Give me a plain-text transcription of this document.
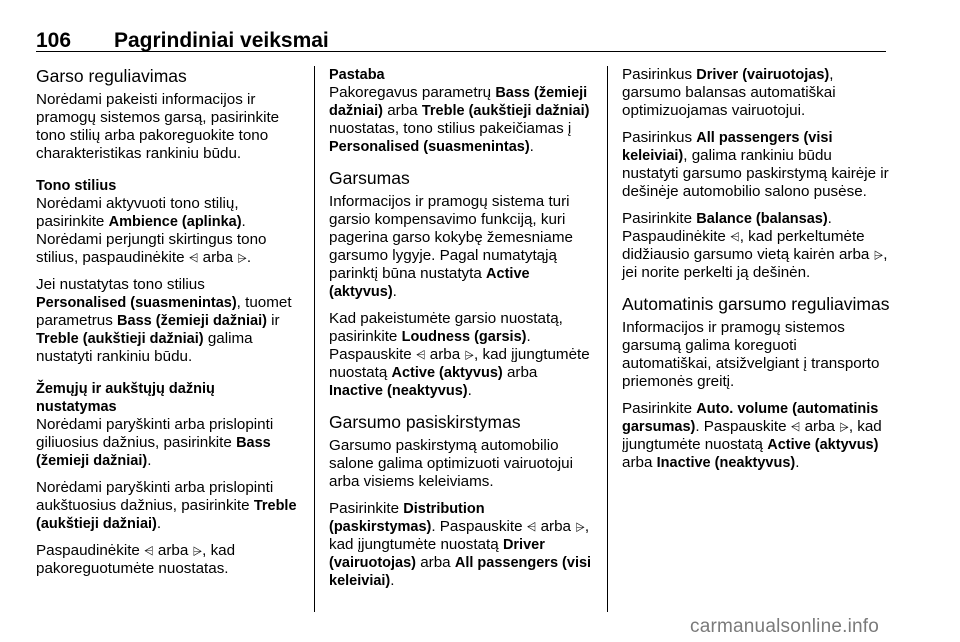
106 Pagrindiniai veiksmai
Garso reguliavimas

Norėdami pakeisti informacijos ir pramogų sistemos garsą, pasirinkite tono stilių arba pakoreguokite tono charakteristikas rankiniu būdu.

Tono stilius
Norėdami aktyvuoti tono stilių, pasirinkite Ambience (aplinka). Norėdami perjungti skirtingus tono stilius, paspaudinėkite ⩤ arba ⩥.

Jei nustatytas tono stilius Personalised (suasmenintas), tuomet parametrus Bass (žemieji dažniai) ir Treble (aukštieji dažniai) galima nustatyti rankiniu būdu.

Žemųjų ir aukštųjų dažnių nustatymas
Norėdami paryškinti arba prislopinti giliuosius dažnius, pasirinkite Bass (žemieji dažniai).

Norėdami paryškinti arba prislopinti aukštuosius dažnius, pasirinkite Treble (aukštieji dažniai).

Paspaudinėkite ⩤ arba ⩥, kad pakoreguotumėte nuostatas.

Pastaba
Pakoregavus parametrų Bass (žemieji dažniai) arba Treble (aukštieji dažniai) nuostatas, tono stilius pakeičiamas į Personalised (suasmenintas).

Garsumas

Informacijos ir pramogų sistema turi garsio kompensavimo funkciją, kuri pagerina garso kokybę žemesniame garsumo lygyje. Pagal numatytąją parinktį būna nustatyta Active (aktyvus).

Kad pakeistumėte garsio nuostatą, pasirinkite Loudness (garsis). Paspauskite ⩤ arba ⩥, kad įjungtumėte nuostatą Active (aktyvus) arba Inactive (neaktyvus).

Garsumo pasiskirstymas

Garsumo paskirstymą automobilio salone galima optimizuoti vairuotojui arba visiems keleiviams.

Pasirinkite Distribution (paskirstymas). Paspauskite ⩤ arba ⩥, kad įjungtumėte nuostatą Driver (vairuotojas) arba All passengers (visi keleiviai).

Pasirinkus Driver (vairuotojas), garsumo balansas automatiškai optimizuojamas vairuotojui.

Pasirinkus All passengers (visi keleiviai), galima rankiniu būdu nustatyti garsumo paskirstymą kairėje ir dešinėje automobilio salono pusėse.

Pasirinkite Balance (balansas).
Paspaudinėkite ⩤, kad perkeltumėte didžiausio garsumo vietą kairėn arba ⩥, jei norite perkelti ją dešinėn.

Automatinis garsumo reguliavimas

Informacijos ir pramogų sistemos garsumą galima koreguoti automatiškai, atsižvelgiant į transporto priemonės greitį.

Pasirinkite Auto. volume (automatinis garsumas). Paspauskite ⩤ arba ⩥, kad įjungtumėte nuostatą Active (aktyvus) arba Inactive (neaktyvus).

carmanualsonline.info
